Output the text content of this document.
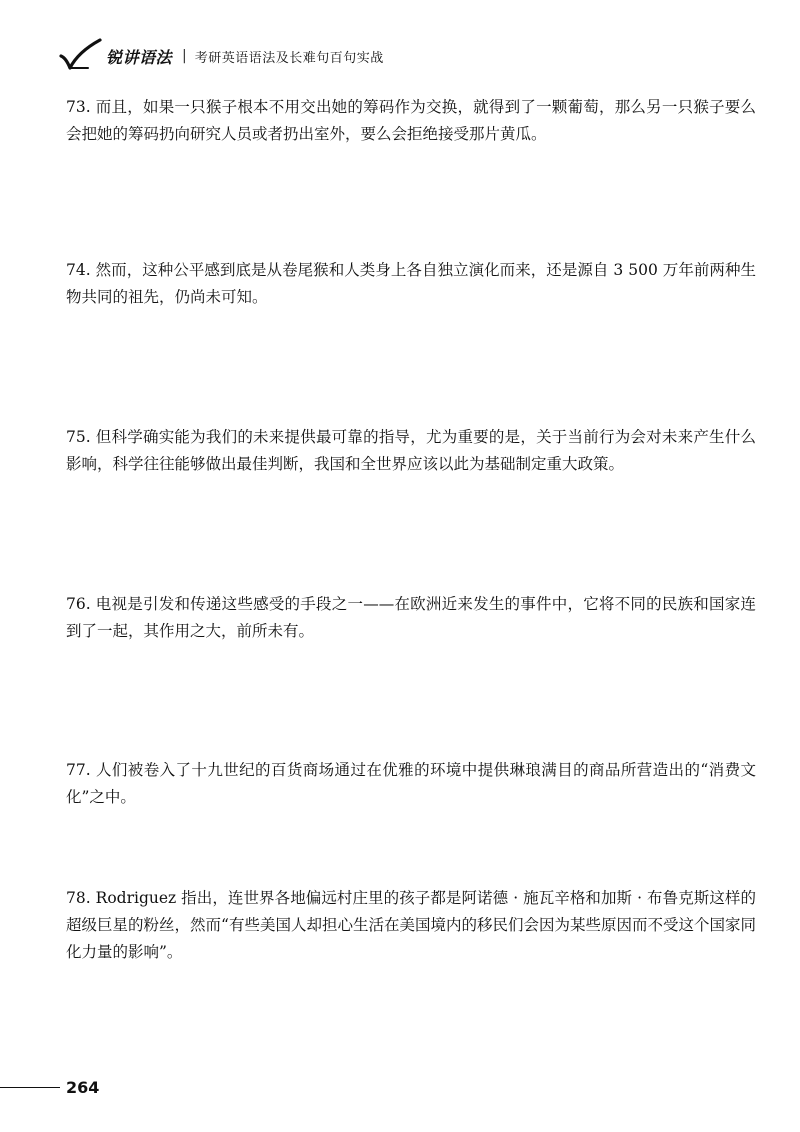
锐讲语法 | 考研英语语法及长难句百句实战

73. 而且，如果一只猴子根本不用交出她的筹码作为交换，就得到了一颗葡萄，那么另一只猴子要么会把她的筹码扔向研究人员或者扔出室外，要么会拒绝接受那片黄瓜。

74. 然而，这种公平感到底是从卷尾猴和人类身上各自独立演化而来，还是源自 3 500 万年前两种生物共同的祖先，仍尚未可知。

75. 但科学确实能为我们的未来提供最可靠的指导，尤为重要的是，关于当前行为会对未来产生什么影响，科学往往能够做出最佳判断，我国和全世界应该以此为基础制定重大政策。

76. 电视是引发和传递这些感受的手段之一——在欧洲近来发生的事件中，它将不同的民族和国家连到了一起，其作用之大，前所未有。

77. 人们被卷入了十九世纪的百货商场通过在优雅的环境中提供琳琅满目的商品所营造出的“消费文化”之中。

78. Rodriguez 指出，连世界各地偏远村庄里的孩子都是阿诺德 · 施瓦辛格和加斯 · 布鲁克斯这样的超级巨星的粉丝，然而“有些美国人却担心生活在美国境内的移民们会因为某些原因而不受这个国家同化力量的影响”。

264
